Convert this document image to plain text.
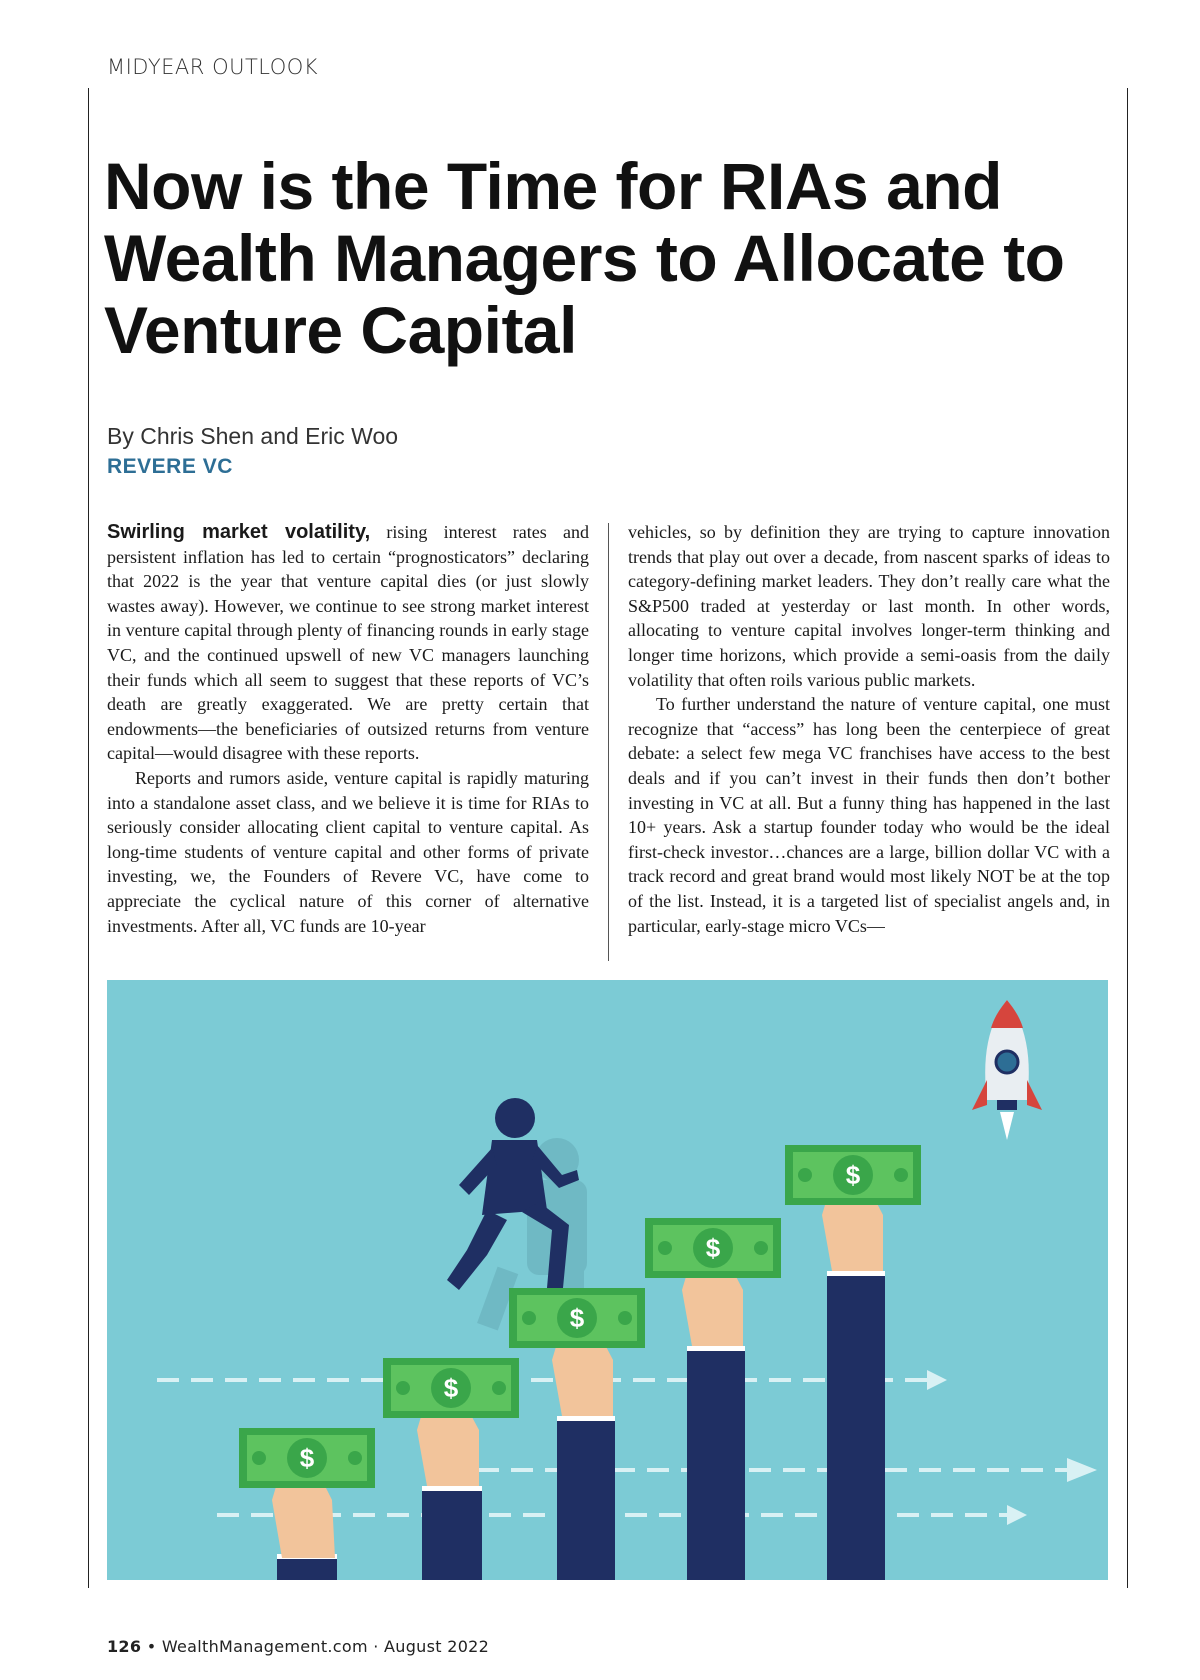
MIDYEAR OUTLOOK
Now is the Time for RIAs and Wealth Managers to Allocate to Venture Capital
By Chris Shen and Eric Woo
REVERE VC

Swirling market volatility, rising interest rates and persistent inflation has led to certain “prognosticators” declaring that 2022 is the year that venture capital dies (or just slowly wastes away). However, we continue to see strong market interest in venture capital through plenty of financing rounds in early stage VC, and the continued upswell of new VC managers launching their funds which all seem to suggest that these reports of VC’s death are greatly exaggerated. We are pretty certain that endowments—the beneficiaries of outsized returns from venture capital—would disagree with these reports.

Reports and rumors aside, venture capital is rapidly maturing into a standalone asset class, and we believe it is time for RIAs to seriously consider allocating client capital to venture capital. As long-time students of venture capital and other forms of private investing, we, the Founders of Revere VC, have come to appreciate the cyclical nature of this corner of alternative investments. After all, VC funds are 10-year

vehicles, so by definition they are trying to capture innovation trends that play out over a decade, from nascent sparks of ideas to category-defining market leaders. They don’t really care what the S&P500 traded at yesterday or last month. In other words, allocating to venture capital involves longer-term thinking and longer time horizons, which provide a semi-oasis from the daily volatility that often roils various public markets.

To further understand the nature of venture capital, one must recognize that “access” has long been the centerpiece of great debate: a select few mega VC franchises have access to the best deals and if you can’t invest in their funds then don’t bother investing in VC at all. But a funny thing has happened in the last 10+ years. Ask a startup founder today who would be the ideal first-check investor…chances are a large, billion dollar VC with a track record and great brand would most likely NOT be at the top of the list. Instead, it is a targeted list of specialist angels and, in particular, early-stage micro VCs—

$
$
$
$
$
126 • WealthManagement.com · August 2022
